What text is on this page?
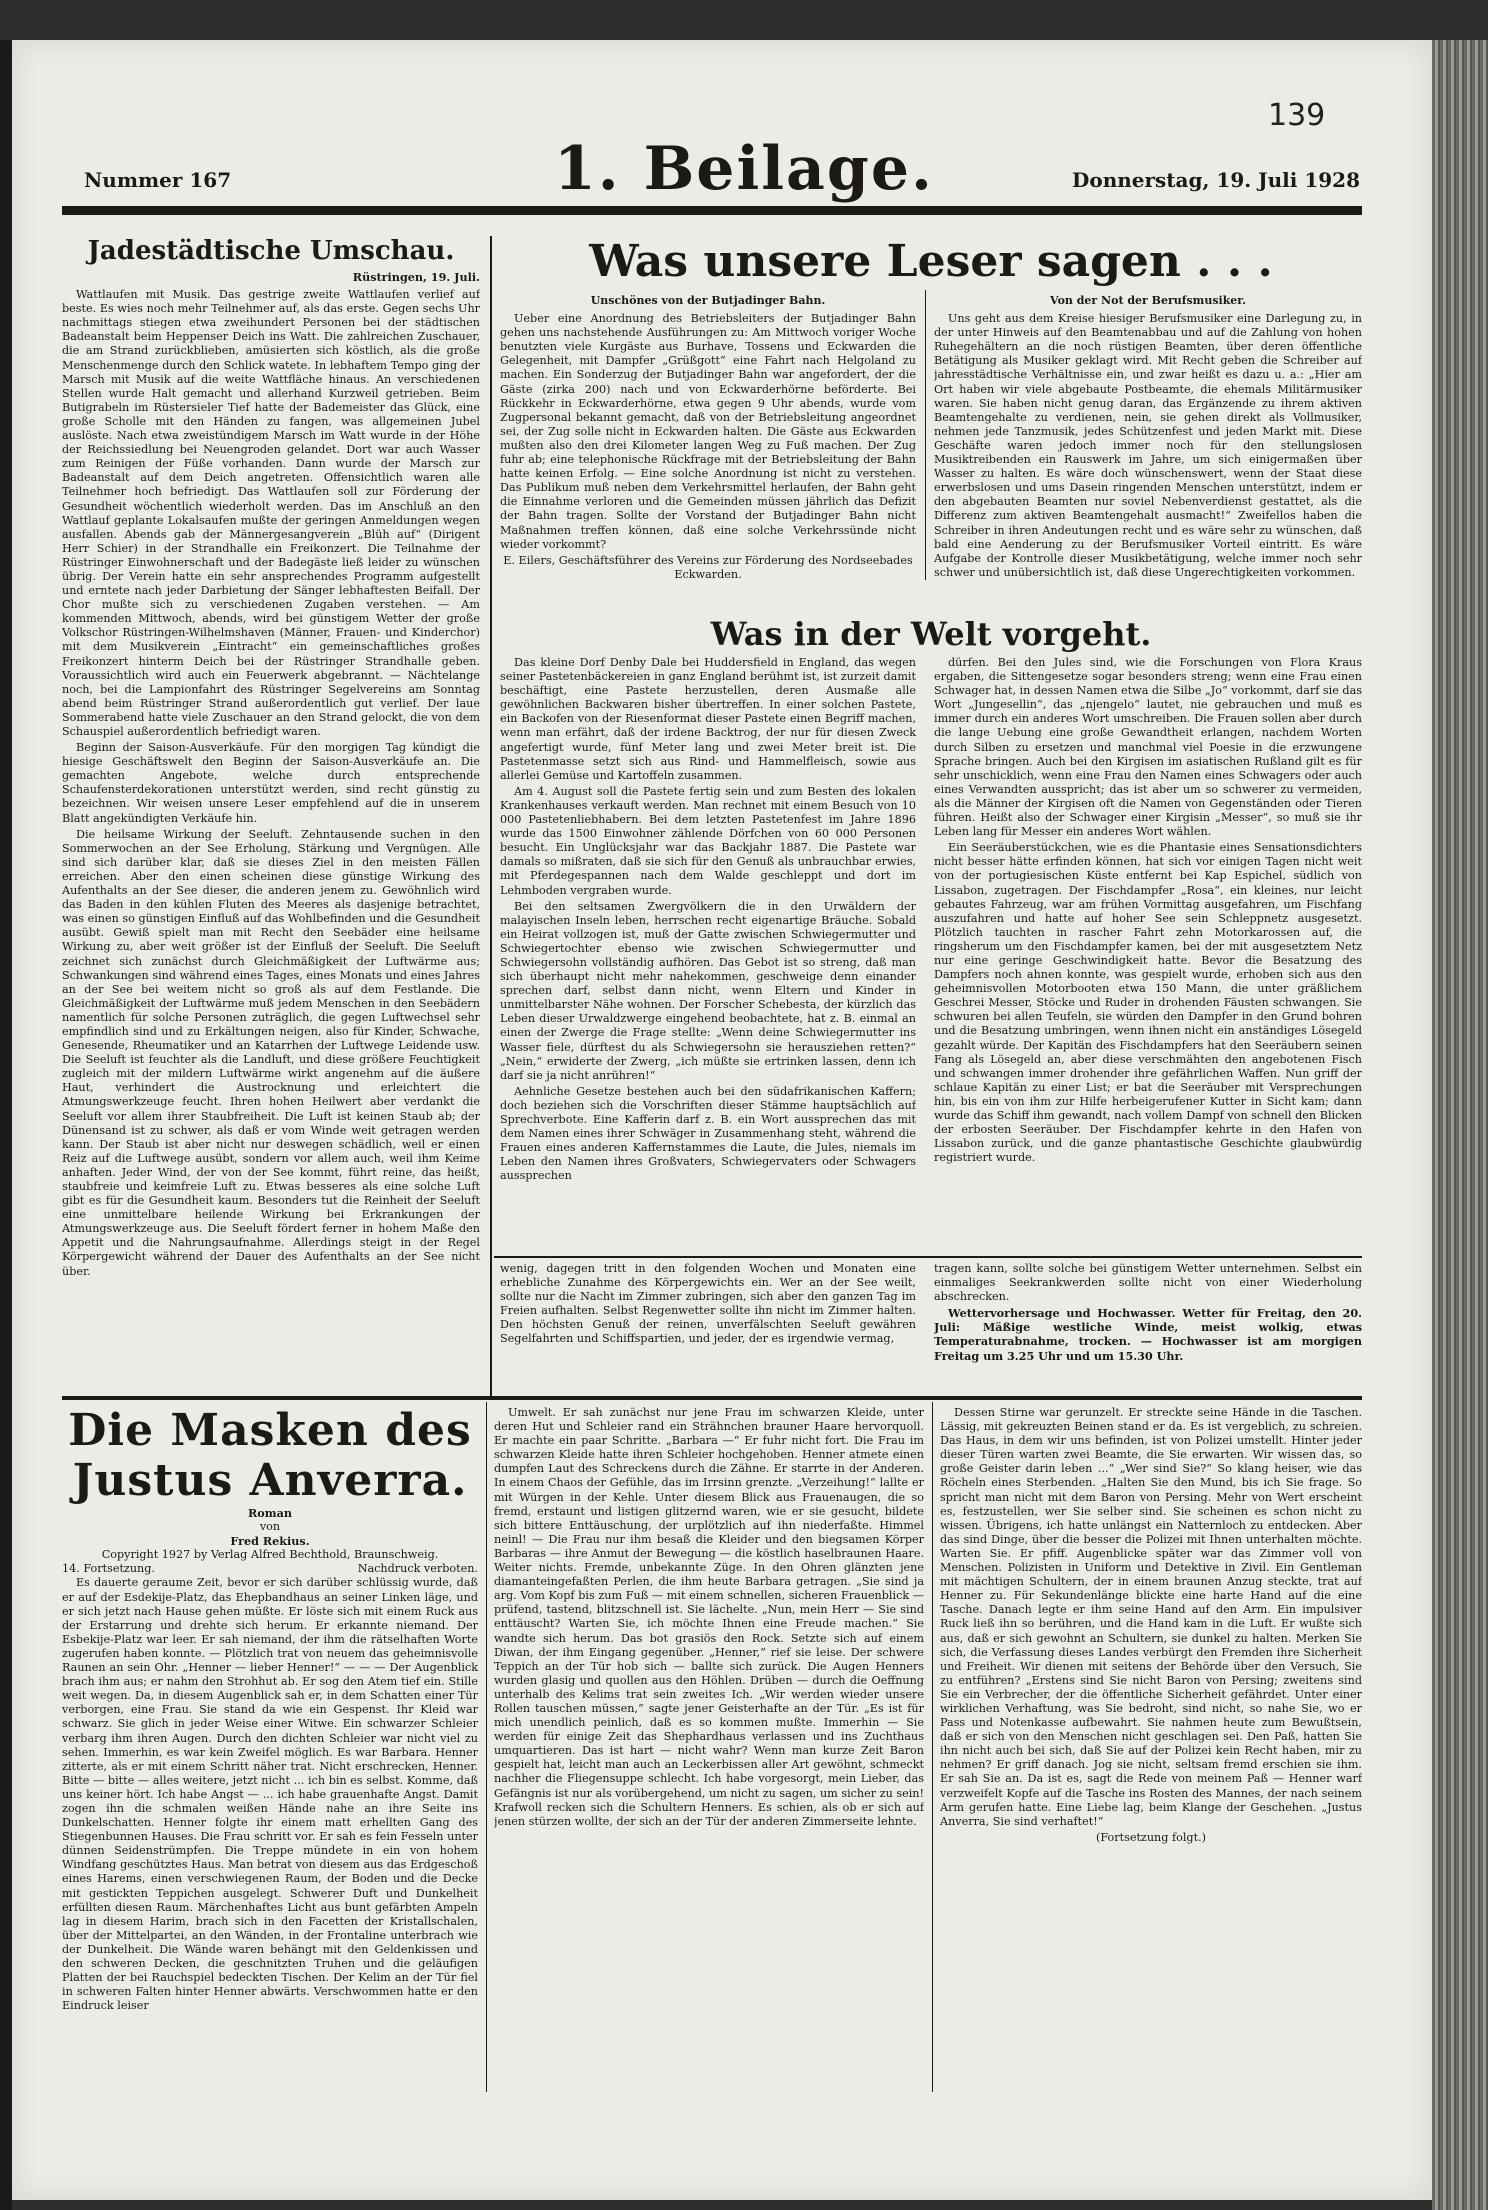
139
Nummer 167	1. Beilage.	Donnerstag, 19. Juli 1928
Jadestädtische Umschau.
Rüstringen, 19. Juli.

Wattlaufen mit Musik. Das gestrige zweite Wattlaufen verlief auf beste. Es wies noch mehr Teilnehmer auf, als das erste. Gegen sechs Uhr nachmittags stiegen etwa zweihundert Personen bei der städtischen Badeanstalt beim Heppenser Deich ins Watt. Die zahlreichen Zuschauer, die am Strand zurückblieben, amüsierten sich köstlich, als die große Menschenmenge durch den Schlick watete. In lebhaftem Tempo ging der Marsch mit Musik auf die weite Wattfläche hinaus. An verschiedenen Stellen wurde Halt gemacht und allerhand Kurzweil getrieben. Beim Butigrabeln im Rüstersieler Tief hatte der Bademeister das Glück, eine große Scholle mit den Händen zu fangen, was allgemeinen Jubel auslöste. Nach etwa zweistündigem Marsch im Watt wurde in der Höhe der Reichssiedlung bei Neuengroden gelandet. Dort war auch Wasser zum Reinigen der Füße vorhanden. Dann wurde der Marsch zur Badeanstalt auf dem Deich angetreten. Offensichtlich waren alle Teilnehmer hoch befriedigt. Das Wattlaufen soll zur Förderung der Gesundheit wöchentlich wiederholt werden. Das im Anschluß an den Wattlauf geplante Lokalsaufen mußte der geringen Anmeldungen wegen ausfallen. Abends gab der Männergesangverein „Blüh auf“ (Dirigent Herr Schier) in der Strandhalle ein Freikonzert. Die Teilnahme der Rüstringer Einwohnerschaft und der Badegäste ließ leider zu wünschen übrig. Der Verein hatte ein sehr ansprechendes Programm aufgestellt und erntete nach jeder Darbietung der Sänger lebhaftesten Beifall. Der Chor mußte sich zu verschiedenen Zugaben verstehen. — Am kommenden Mittwoch, abends, wird bei günstigem Wetter der große Volkschor Rüstringen-Wilhelmshaven (Männer, Frauen- und Kinderchor) mit dem Musikverein „Eintracht“ ein gemeinschaftliches großes Freikonzert hinterm Deich bei der Rüstringer Strandhalle geben. Voraussichtlich wird auch ein Feuerwerk abgebrannt. — Nächtelange noch, bei die Lampionfahrt des Rüstringer Segelvereins am Sonntag abend beim Rüstringer Strand außerordentlich gut verlief. Der laue Sommerabend hatte viele Zuschauer an den Strand gelockt, die von dem Schauspiel außerordentlich befriedigt waren.

Beginn der Saison-Ausverkäufe. Für den morgigen Tag kündigt die hiesige Geschäftswelt den Beginn der Saison-Ausverkäufe an. Die gemachten Angebote, welche durch entsprechende Schaufensterdekorationen unterstützt werden, sind recht günstig zu bezeichnen. Wir weisen unsere Leser empfehlend auf die in unserem Blatt angekündigten Verkäufe hin.

Die heilsame Wirkung der Seeluft. Zehntausende suchen in den Sommerwochen an der See Erholung, Stärkung und Vergnügen. Alle sind sich darüber klar, daß sie dieses Ziel in den meisten Fällen erreichen. Aber den einen scheinen diese günstige Wirkung des Aufenthalts an der See dieser, die anderen jenem zu. Gewöhnlich wird das Baden in den kühlen Fluten des Meeres als dasjenige betrachtet, was einen so günstigen Einfluß auf das Wohlbefinden und die Gesundheit ausübt. Gewiß spielt man mit Recht den Seebäder eine heilsame Wirkung zu, aber weit größer ist der Einfluß der Seeluft. Die Seeluft zeichnet sich zunächst durch Gleichmäßigkeit der Luftwärme aus; Schwankungen sind während eines Tages, eines Monats und eines Jahres an der See bei weitem nicht so groß als auf dem Festlande. Die Gleichmäßigkeit der Luftwärme muß jedem Menschen in den Seebädern namentlich für solche Personen zuträglich, die gegen Luftwechsel sehr empfindlich sind und zu Erkältungen neigen, also für Kinder, Schwache, Genesende, Rheumatiker und an Katarrhen der Luftwege Leidende usw. Die Seeluft ist feuchter als die Landluft, und diese größere Feuchtigkeit zugleich mit der mildern Luftwärme wirkt angenehm auf die äußere Haut, verhindert die Austrocknung und erleichtert die Atmungswerkzeuge feucht. Ihren hohen Heilwert aber verdankt die Seeluft vor allem ihrer Staubfreiheit. Die Luft ist keinen Staub ab; der Dünensand ist zu schwer, als daß er vom Winde weit getragen werden kann. Der Staub ist aber nicht nur deswegen schädlich, weil er einen Reiz auf die Luftwege ausübt, sondern vor allem auch, weil ihm Keime anhaften. Jeder Wind, der von der See kommt, führt reine, das heißt, staubfreie und keimfreie Luft zu. Etwas besseres als eine solche Luft gibt es für die Gesundheit kaum. Besonders tut die Reinheit der Seeluft eine unmittelbare heilende Wirkung bei Erkrankungen der Atmungswerkzeuge aus. Die Seeluft fördert ferner in hohem Maße den Appetit und die Nahrungsaufnahme. Allerdings steigt in der Regel Körpergewicht während der Dauer des Aufenthalts an der See nicht über.

Was unsere Leser sagen . . .
Unschönes von der Butjadinger Bahn.

Ueber eine Anordnung des Betriebsleiters der Butjadinger Bahn gehen uns nachstehende Ausführungen zu: Am Mittwoch voriger Woche benutzten viele Kurgäste aus Burhave, Tossens und Eckwarden die Gelegenheit, mit Dampfer „Grüßgott“ eine Fahrt nach Helgoland zu machen. Ein Sonderzug der Butjadinger Bahn war angefordert, der die Gäste (zirka 200) nach und von Eckwarderhörne beförderte. Bei Rückkehr in Eckwarderhörne, etwa gegen 9 Uhr abends, wurde vom Zugpersonal bekannt gemacht, daß von der Betriebsleitung angeordnet sei, der Zug solle nicht in Eckwarden halten. Die Gäste aus Eckwarden mußten also den drei Kilometer langen Weg zu Fuß machen. Der Zug fuhr ab; eine telephonische Rückfrage mit der Betriebsleitung der Bahn hatte keinen Erfolg. — Eine solche Anordnung ist nicht zu verstehen. Das Publikum muß neben dem Verkehrsmittel herlaufen, der Bahn geht die Einnahme verloren und die Gemeinden müssen jährlich das Defizit der Bahn tragen. Sollte der Vorstand der Butjadinger Bahn nicht Maßnahmen treffen können, daß eine solche Verkehrssünde nicht wieder vorkommt?

E. Eilers, Geschäftsführer des Vereins zur Förderung des Nordseebades Eckwarden.

Von der Not der Berufsmusiker.

Uns geht aus dem Kreise hiesiger Berufsmusiker eine Darlegung zu, in der unter Hinweis auf den Beamtenabbau und auf die Zahlung von hohen Ruhegehältern an die noch rüstigen Beamten, über deren öffentliche Betätigung als Musiker geklagt wird. Mit Recht geben die Schreiber auf jahresstädtische Verhältnisse ein, und zwar heißt es dazu u. a.: „Hier am Ort haben wir viele abgebaute Postbeamte, die ehemals Militärmusiker waren. Sie haben nicht genug daran, das Ergänzende zu ihrem aktiven Beamtengehalte zu verdienen, nein, sie gehen direkt als Vollmusiker, nehmen jede Tanzmusik, jedes Schützenfest und jeden Markt mit. Diese Geschäfte waren jedoch immer noch für den stellungslosen Musiktreibenden ein Rauswerk im Jahre, um sich einigermaßen über Wasser zu halten. Es wäre doch wünschenswert, wenn der Staat diese erwerbslosen und ums Dasein ringenden Menschen unterstützt, indem er den abgebauten Beamten nur soviel Nebenverdienst gestattet, als die Differenz zum aktiven Beamtengehalt ausmacht!“ Zweifellos haben die Schreiber in ihren Andeutungen recht und es wäre sehr zu wünschen, daß bald eine Aenderung zu der Berufsmusiker Vorteil eintritt. Es wäre Aufgabe der Kontrolle dieser Musikbetätigung, welche immer noch sehr schwer und unübersichtlich ist, daß diese Ungerechtigkeiten vorkommen.

Was in der Welt vorgeht.

Das kleine Dorf Denby Dale bei Huddersfield in England, das wegen seiner Pastetenbäckereien in ganz England berühmt ist, ist zurzeit damit beschäftigt, eine Pastete herzustellen, deren Ausmaße alle gewöhnlichen Backwaren bisher übertreffen. In einer solchen Pastete, ein Backofen von der Riesenformat dieser Pastete einen Begriff machen, wenn man erfährt, daß der irdene Backtrog, der nur für diesen Zweck angefertigt wurde, fünf Meter lang und zwei Meter breit ist. Die Pastetenmasse setzt sich aus Rind- und Hammelfleisch, sowie aus allerlei Gemüse und Kartoffeln zusammen.

Am 4. August soll die Pastete fertig sein und zum Besten des lokalen Krankenhauses verkauft werden. Man rechnet mit einem Besuch von 10 000 Pastetenliebhabern. Bei dem letzten Pastetenfest im Jahre 1896 wurde das 1500 Einwohner zählende Dörfchen von 60 000 Personen besucht. Ein Unglücksjahr war das Backjahr 1887. Die Pastete war damals so mißraten, daß sie sich für den Genuß als unbrauchbar erwies, mit Pferdegespannen nach dem Walde geschleppt und dort im Lehmboden vergraben wurde.

Bei den seltsamen Zwergvölkern die in den Urwäldern der malayischen Inseln leben, herrschen recht eigenartige Bräuche. Sobald ein Heirat vollzogen ist, muß der Gatte zwischen Schwiegermutter und Schwiegertochter ebenso wie zwischen Schwiegermutter und Schwiegersohn vollständig aufhören. Das Gebot ist so streng, daß man sich überhaupt nicht mehr nahekommen, geschweige denn einander sprechen darf, selbst dann nicht, wenn Eltern und Kinder in unmittelbarster Nähe wohnen. Der Forscher Schebesta, der kürzlich das Leben dieser Urwaldzwerge eingehend beobachtete, hat z. B. einmal an einen der Zwerge die Frage stellte: „Wenn deine Schwiegermutter ins Wasser fiele, dürftest du als Schwiegersohn sie herausziehen retten?“ „Nein,“ erwiderte der Zwerg, „ich müßte sie ertrinken lassen, denn ich darf sie ja nicht anrühren!“

Aehnliche Gesetze bestehen auch bei den südafrikanischen Kaffern; doch beziehen sich die Vorschriften dieser Stämme hauptsächlich auf Sprechverbote. Eine Kafferin darf z. B. ein Wort aussprechen das mit dem Namen eines ihrer Schwäger in Zusammenhang steht, während die Frauen eines anderen Kaffernstammes die Laute, die Jules, niemals im Leben den Namen ihres Großvaters, Schwiegervaters oder Schwagers aussprechen

dürfen. Bei den Jules sind, wie die Forschungen von Flora Kraus ergaben, die Sittengesetze sogar besonders streng; wenn eine Frau einen Schwager hat, in dessen Namen etwa die Silbe „Jo“ vorkommt, darf sie das Wort „Jungesellin“, das „njengelo“ lautet, nie gebrauchen und muß es immer durch ein anderes Wort umschreiben. Die Frauen sollen aber durch die lange Uebung eine große Gewandtheit erlangen, nachdem Worten durch Silben zu ersetzen und manchmal viel Poesie in die erzwungene Sprache bringen. Auch bei den Kirgisen im asiatischen Rußland gilt es für sehr unschicklich, wenn eine Frau den Namen eines Schwagers oder auch eines Verwandten ausspricht; das ist aber um so schwerer zu vermeiden, als die Männer der Kirgisen oft die Namen von Gegenständen oder Tieren führen. Heißt also der Schwager einer Kirgisin „Messer“, so muß sie ihr Leben lang für Messer ein anderes Wort wählen.

Ein Seeräuberstückchen, wie es die Phantasie eines Sensationsdichters nicht besser hätte erfinden können, hat sich vor einigen Tagen nicht weit von der portugiesischen Küste entfernt bei Kap Espichel, südlich von Lissabon, zugetragen. Der Fischdampfer „Rosa“, ein kleines, nur leicht gebautes Fahrzeug, war am frühen Vormittag ausgefahren, um Fischfang auszufahren und hatte auf hoher See sein Schleppnetz ausgesetzt. Plötzlich tauchten in rascher Fahrt zehn Motorkarossen auf, die ringsherum um den Fischdampfer kamen, bei der mit ausgesetztem Netz nur eine geringe Geschwindigkeit hatte. Bevor die Besatzung des Dampfers noch ahnen konnte, was gespielt wurde, erhoben sich aus den geheimnisvollen Motorbooten etwa 150 Mann, die unter gräßlichem Geschrei Messer, Stöcke und Ruder in drohenden Fäusten schwangen. Sie schwuren bei allen Teufeln, sie würden den Dampfer in den Grund bohren und die Besatzung umbringen, wenn ihnen nicht ein anständiges Lösegeld gezahlt würde. Der Kapitän des Fischdampfers hat den Seeräubern seinen Fang als Lösegeld an, aber diese verschmähten den angebotenen Fisch und schwangen immer drohender ihre gefährlichen Waffen. Nun griff der schlaue Kapitän zu einer List; er bat die Seeräuber mit Versprechungen hin, bis ein von ihm zur Hilfe herbeigerufener Kutter in Sicht kam; dann wurde das Schiff ihm gewandt, nach vollem Dampf von schnell den Blicken der erbosten Seeräuber. Der Fischdampfer kehrte in den Hafen von Lissabon zurück, und die ganze phantastische Geschichte glaubwürdig registriert wurde.

wenig, dagegen tritt in den folgenden Wochen und Monaten eine erhebliche Zunahme des Körpergewichts ein. Wer an der See weilt, sollte nur die Nacht im Zimmer zubringen, sich aber den ganzen Tag im Freien aufhalten. Selbst Regenwetter sollte ihn nicht im Zimmer halten. Den höchsten Genuß der reinen, unverfälschten Seeluft gewähren Segelfahrten und Schiffspartien, und jeder, der es irgendwie vermag,

tragen kann, sollte solche bei günstigem Wetter unternehmen. Selbst ein einmaliges Seekrankwerden sollte nicht von einer Wiederholung abschrecken.

Wettervorhersage und Hochwasser. Wetter für Freitag, den 20. Juli: Mäßige westliche Winde, meist wolkig, etwas Temperaturabnahme, trocken. — Hochwasser ist am morgigen Freitag um 3.25 Uhr und um 15.30 Uhr.

Die Masken des Justus Anverra.
Roman
von
Fred Rekius.
Copyright 1927 by Verlag Alfred Bechthold, Braunschweig.
14. Fortsetzung.	Nachdruck verboten.

Es dauerte geraume Zeit, bevor er sich darüber schlüssig wurde, daß er auf der Esdekije-Platz, das Ehepbandhaus an seiner Linken läge, und er sich jetzt nach Hause gehen müßte. Er löste sich mit einem Ruck aus der Erstarrung und drehte sich herum. Er erkannte niemand. Der Esbekije-Platz war leer. Er sah niemand, der ihm die rätselhaften Worte zugerufen haben konnte. — Plötzlich trat von neuem das geheimnisvolle Raunen an sein Ohr. „Henner — lieber Henner!“ — — — Der Augenblick brach ihm aus; er nahm den Strohhut ab. Er sog den Atem tief ein. Stille weit wegen. Da, in diesem Augenblick sah er, in dem Schatten einer Tür verborgen, eine Frau. Sie stand da wie ein Gespenst. Ihr Kleid war schwarz. Sie glich in jeder Weise einer Witwe. Ein schwarzer Schleier verbarg ihm ihren Augen. Durch den dichten Schleier war nicht viel zu sehen. Immerhin, es war kein Zweifel möglich. Es war Barbara. Henner zitterte, als er mit einem Schritt näher trat. Nicht erschrecken, Henner. Bitte — bitte — alles weitere, jetzt nicht ... ich bin es selbst. Komme, daß uns keiner hört. Ich habe Angst — ... ich habe grauenhafte Angst. Damit zogen ihn die schmalen weißen Hände nahe an ihre Seite ins Dunkelschatten. Henner folgte ihr einem matt erhellten Gang des Stiegenbunnen Hauses. Die Frau schritt vor. Er sah es fein Fesseln unter dünnen Seidenstrümpfen. Die Treppe mündete in ein von hohem Windfang geschütztes Haus. Man betrat von diesem aus das Erdgeschoß eines Harems, einen verschwiegenen Raum, der Boden und die Decke mit gestickten Teppichen ausgelegt. Schwerer Duft und Dunkelheit erfüllten diesen Raum. Märchenhaftes Licht aus bunt gefärbten Ampeln lag in diesem Harim, brach sich in den Facetten der Kristallschalen, über der Mittelpartei, an den Wänden, in der Frontaline unterbrach wie der Dunkelheit. Die Wände waren behängt mit den Geldenkissen und den schweren Decken, die geschnitzten Truhen und die geläufigen Platten der bei Rauchspiel bedeckten Tischen. Der Kelim an der Tür fiel in schweren Falten hinter Henner abwärts. Verschwommen hatte er den Eindruck leiser

Umwelt. Er sah zunächst nur jene Frau im schwarzen Kleide, unter deren Hut und Schleier rand ein Strähnchen brauner Haare hervorquoll. Er machte ein paar Schritte. „Barbara —“ Er fuhr nicht fort. Die Frau im schwarzen Kleide hatte ihren Schleier hochgehoben. Henner atmete einen dumpfen Laut des Schreckens durch die Zähne. Er starrte in der Anderen. In einem Chaos der Gefühle, das im Irrsinn grenzte. „Verzeihung!“ lallte er mit Würgen in der Kehle. Unter diesem Blick aus Frauenaugen, die so fremd, erstaunt und listigen glitzernd waren, wie er sie gesucht, bildete sich bittere Enttäuschung, der urplötzlich auf ihn niederfaßte. Himmel neinl! — Die Frau nur ihm besaß die Kleider und den biegsamen Körper Barbaras — ihre Anmut der Bewegung — die köstlich haselbraunen Haare. Weiter nichts. Fremde, unbekannte Züge. In den Ohren glänzten jene diamanteingefaßten Perlen, die ihm heute Barbara getragen. „Sie sind ja arg. Vom Kopf bis zum Fuß — mit einem schnellen, sicheren Frauenblick — prüfend, tastend, blitzschnell ist. Sie lächelte. „Nun, mein Herr — Sie sind enttäuscht? Warten Sie, ich möchte Ihnen eine Freude machen.“ Sie wandte sich herum. Das bot grasiös den Rock. Setzte sich auf einem Diwan, der ihm Eingang gegenüber. „Henner,“ rief sie leise. Der schwere Teppich an der Tür hob sich — ballte sich zurück. Die Augen Henners wurden glasig und quollen aus den Höhlen. Drüben — durch die Oeffnung unterhalb des Kelims trat sein zweites Ich. „Wir werden wieder unsere Rollen tauschen müssen,“ sagte jener Geisterhafte an der Tür. „Es ist für mich unendlich peinlich, daß es so kommen mußte. Immerhin — Sie werden für einige Zeit das Shephardhaus verlassen und ins Zuchthaus umquartieren. Das ist hart — nicht wahr? Wenn man kurze Zeit Baron gespielt hat, leicht man auch an Leckerbissen aller Art gewöhnt, schmeckt nachher die Fliegensuppe schlecht. Ich habe vorgesorgt, mein Lieber, das Gefängnis ist nur als vorübergehend, um nicht zu sagen, um sicher zu sein! Krafwoll recken sich die Schultern Henners. Es schien, als ob er sich auf jenen stürzen wollte, der sich an der Tür der anderen Zimmerseite lehnte.

Dessen Stirne war gerunzelt. Er streckte seine Hände in die Taschen. Lässig, mit gekreuzten Beinen stand er da. Es ist vergeblich, zu schreien. Das Haus, in dem wir uns befinden, ist von Polizei umstellt. Hinter jeder dieser Türen warten zwei Beamte, die Sie erwarten. Wir wissen das, so große Geister darin leben ...“ „Wer sind Sie?“ So klang heiser, wie das Röcheln eines Sterbenden. „Halten Sie den Mund, bis ich Sie frage. So spricht man nicht mit dem Baron von Persing. Mehr von Wert erscheint es, festzustellen, wer Sie selber sind. Sie scheinen es schon nicht zu wissen. Übrigens, ich hatte unlängst ein Natternloch zu entdecken. Aber das sind Dinge, über die besser die Polizei mit Ihnen unterhalten möchte. Warten Sie. Er pfiff. Augenblicke später war das Zimmer voll von Menschen. Polizisten in Uniform und Detektive in Zivil. Ein Gentleman mit mächtigen Schultern, der in einem braunen Anzug steckte, trat auf Henner zu. Für Sekundenlänge blickte eine harte Hand auf die eine Tasche. Danach legte er ihm seine Hand auf den Arm. Ein impulsiver Ruck ließ ihn so berühren, und die Hand kam in die Luft. Er wußte sich aus, daß er sich gewohnt an Schultern, sie dunkel zu halten. Merken Sie sich, die Verfassung dieses Landes verbürgt den Fremden ihre Sicherheit und Freiheit. Wir dienen mit seitens der Behörde über den Versuch, Sie zu entführen? „Erstens sind Sie nicht Baron von Persing; zweitens sind Sie ein Verbrecher, der die öffentliche Sicherheit gefährdet. Unter einer wirklichen Verhaftung, was Sie bedroht, sind nicht, so nahe Sie, wo er Pass und Notenkasse aufbewahrt. Sie nahmen heute zum Bewußtsein, daß er sich von den Menschen nicht geschlagen sei. Den Paß, hatten Sie ihn nicht auch bei sich, daß Sie auf der Polizei kein Recht haben, mir zu nehmen? Er griff danach. Jog sie nicht, seltsam fremd erschien sie ihm. Er sah Sie an. Da ist es, sagt die Rede von meinem Paß — Henner warf verzweifelt Kopfe auf die Tasche ins Rosten des Mannes, der nach seinem Arm gerufen hatte. Eine Liebe lag, beim Klange der Geschehen. „Justus Anverra, Sie sind verhaftet!“

(Fortsetzung folgt.)
